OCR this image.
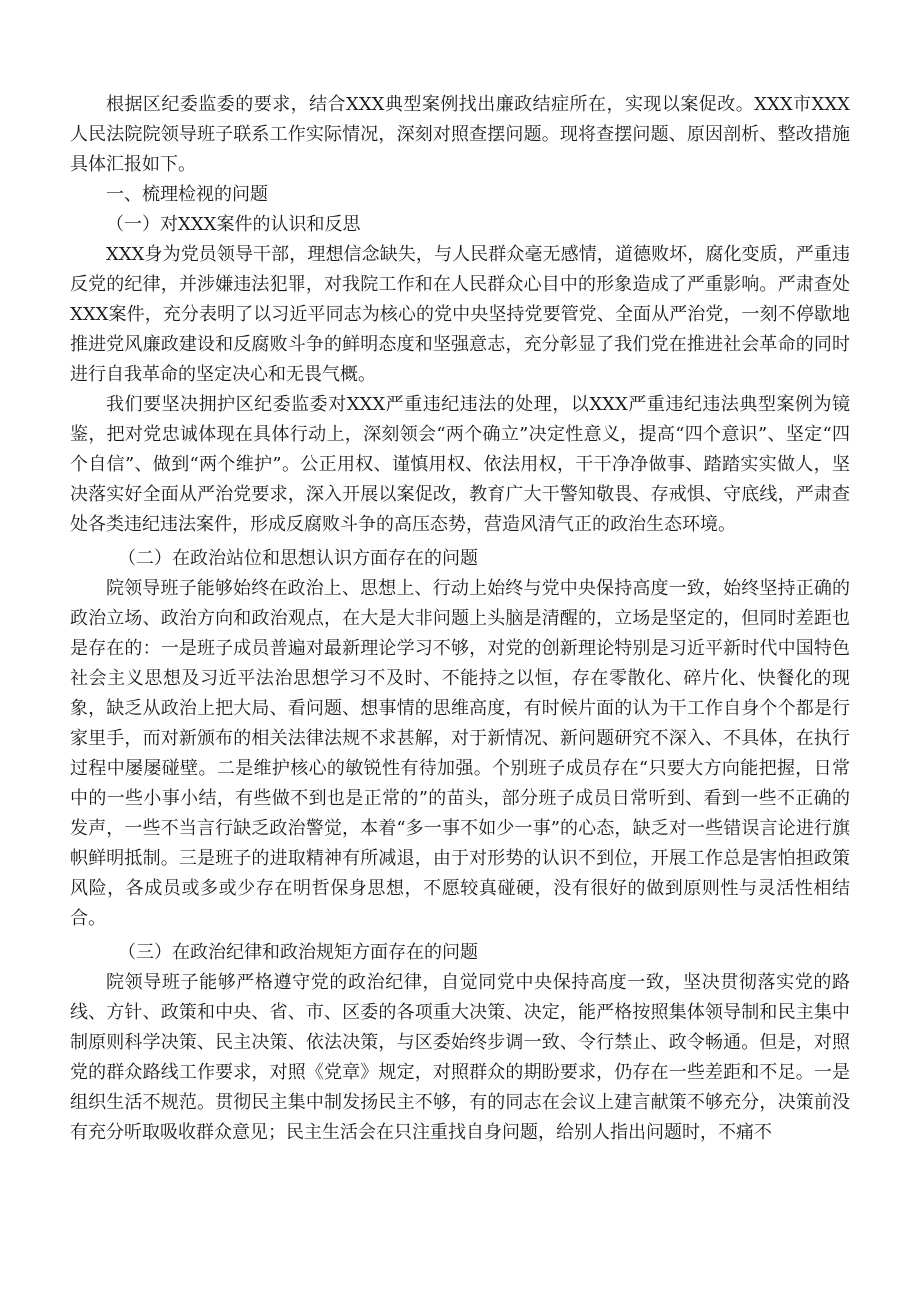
根据区纪委监委的要求，结合XXX典型案例找出廉政结症所在，实现以案促改。XXX市XXX人民法院院领导班子联系工作实际情况，深刻对照查摆问题。现将查摆问题、原因剖析、整改措施具体汇报如下。

一、梳理检视的问题

（一）对XXX案件的认识和反思

XXX身为党员领导干部，理想信念缺失，与人民群众毫无感情，道德败坏，腐化变质，严重违反党的纪律，并涉嫌违法犯罪，对我院工作和在人民群众心目中的形象造成了严重影响。严肃查处XXX案件，充分表明了以习近平同志为核心的党中央坚持党要管党、全面从严治党，一刻不停歇地推进党风廉政建设和反腐败斗争的鲜明态度和坚强意志，充分彰显了我们党在推进社会革命的同时进行自我革命的坚定决心和无畏气概。

我们要坚决拥护区纪委监委对XXX严重违纪违法的处理，以XXX严重违纪违法典型案例为镜鉴，把对党忠诚体现在具体行动上，深刻领会“两个确立”决定性意义，提高“四个意识”、坚定“四个自信”、做到“两个维护”。公正用权、谨慎用权、依法用权，干干净净做事、踏踏实实做人，坚决落实好全面从严治党要求，深入开展以案促改，教育广大干警知敬畏、存戒惧、守底线，严肃查处各类违纪违法案件，形成反腐败斗争的高压态势，营造风清气正的政治生态环境。

（二）在政治站位和思想认识方面存在的问题

院领导班子能够始终在政治上、思想上、行动上始终与党中央保持高度一致，始终坚持正确的政治立场、政治方向和政治观点，在大是大非问题上头脑是清醒的，立场是坚定的，但同时差距也是存在的：一是班子成员普遍对最新理论学习不够，对党的创新理论特别是习近平新时代中国特色社会主义思想及习近平法治思想学习不及时、不能持之以恒，存在零散化、碎片化、快餐化的现象，缺乏从政治上把大局、看问题、想事情的思维高度，有时候片面的认为干工作自身个个都是行家里手，而对新颁布的相关法律法规不求甚解，对于新情况、新问题研究不深入、不具体，在执行过程中屡屡碰壁。二是维护核心的敏锐性有待加强。个别班子成员存在“只要大方向能把握，日常中的一些小事小结，有些做不到也是正常的”的苗头，部分班子成员日常听到、看到一些不正确的发声，一些不当言行缺乏政治警觉，本着“多一事不如少一事”的心态，缺乏对一些错误言论进行旗帜鲜明抵制。三是班子的进取精神有所减退，由于对形势的认识不到位，开展工作总是害怕担政策风险，各成员或多或少存在明哲保身思想，不愿较真碰硬，没有很好的做到原则性与灵活性相结合。

（三）在政治纪律和政治规矩方面存在的问题

院领导班子能够严格遵守党的政治纪律，自觉同党中央保持高度一致，坚决贯彻落实党的路线、方针、政策和中央、省、市、区委的各项重大决策、决定，能严格按照集体领导制和民主集中制原则科学决策、民主决策、依法决策，与区委始终步调一致、令行禁止、政令畅通。但是，对照党的群众路线工作要求，对照《党章》规定，对照群众的期盼要求，仍存在一些差距和不足。一是组织生活不规范。贯彻民主集中制发扬民主不够，有的同志在会议上建言献策不够充分，决策前没有充分听取吸收群众意见；民主生活会在只注重找自身问题，给别人指出问题时，不痛不
